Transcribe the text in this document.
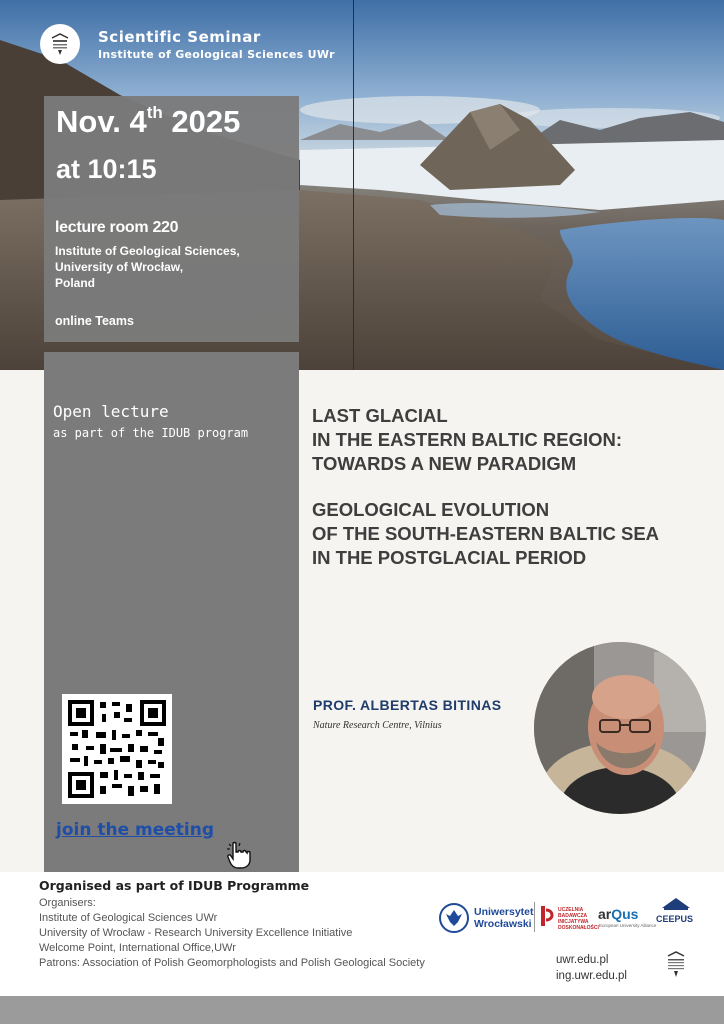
Scientific Seminar
Institute of Geological Sciences UWr
Nov. 4th 2025
at 10:15
lecture room 220
Institute of Geological Sciences,
University of Wrocław,
Poland
online Teams
Open lecture
as part of the IDUB program
LAST GLACIAL
IN THE EASTERN BALTIC REGION:
TOWARDS A NEW PARADIGM
GEOLOGICAL EVOLUTION
OF THE SOUTH-EASTERN BALTIC SEA
IN THE POSTGLACIAL PERIOD
PROF. ALBERTAS BITINAS
Nature Research Centre, Vilnius
join the meeting
Organised as part of IDUB Programme
Organisers:
Institute of Geological Sciences UWr
University of Wrocław - Research University Excellence Initiative
Welcome Point, International Office,UWr
Patrons: Association of Polish Geomorphologists and Polish Geological Society
Uniwersytet
Wrocławski
UCZELNIA
BADAWCZA
INICJATYWA
DOSKONAŁOŚCI
arQus
European University Alliance
CEEPUS
uwr.edu.pl
ing.uwr.edu.pl
